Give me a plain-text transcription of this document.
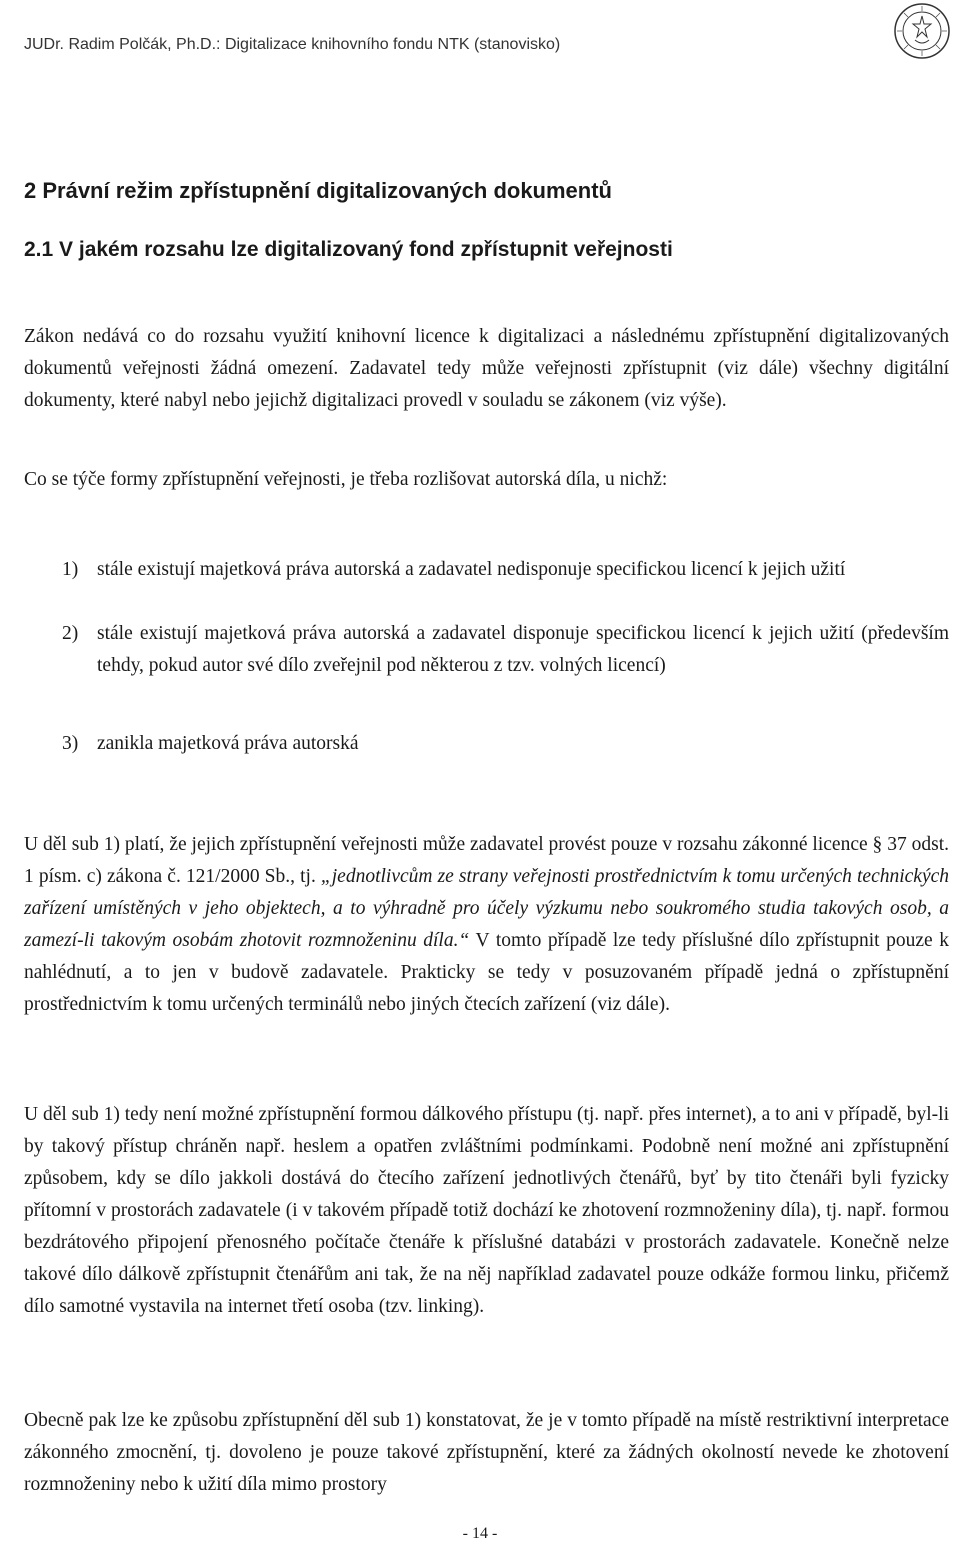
JUDr. Radim Polčák, Ph.D.: Digitalizace knihovního fondu NTK (stanovisko)
2 Právní režim zpřístupnění digitalizovaných dokumentů
2.1 V jakém rozsahu lze digitalizovaný fond zpřístupnit veřejnosti

Zákon nedává co do rozsahu využití knihovní licence k digitalizaci a následnému zpřístupnění digitalizovaných dokumentů veřejnosti žádná omezení. Zadavatel tedy může veřejnosti zpřístupnit (viz dále) všechny digitální dokumenty, které nabyl nebo jejichž digitalizaci provedl v souladu se zákonem (viz výše).

Co se týče formy zpřístupnění veřejnosti, je třeba rozlišovat autorská díla, u nichž:

1) stále existují majetková práva autorská a zadavatel nedisponuje specifickou licencí k jejich užití
2) stále existují majetková práva autorská a zadavatel disponuje specifickou licencí k jejich užití (především tehdy, pokud autor své dílo zveřejnil pod některou z tzv. volných licencí)
3) zanikla majetková práva autorská

U děl sub 1) platí, že jejich zpřístupnění veřejnosti může zadavatel provést pouze v rozsahu zákonné licence § 37 odst. 1 písm. c) zákona č. 121/2000 Sb., tj. „jednotlivcům ze strany veřejnosti prostřednictvím k tomu určených technických zařízení umístěných v jeho objektech, a to výhradně pro účely výzkumu nebo soukromého studia takových osob, a zamezí-li takovým osobám zhotovit rozmnoženinu díla.“ V tomto případě lze tedy příslušné dílo zpřístupnit pouze k nahlédnutí, a to jen v budově zadavatele. Prakticky se tedy v posuzovaném případě jedná o zpřístupnění prostřednictvím k tomu určených terminálů nebo jiných čtecích zařízení (viz dále).

U děl sub 1) tedy není možné zpřístupnění formou dálkového přístupu (tj. např. přes internet), a to ani v případě, byl-li by takový přístup chráněn např. heslem a opatřen zvláštními podmínkami. Podobně není možné ani zpřístupnění způsobem, kdy se dílo jakkoli dostává do čtecího zařízení jednotlivých čtenářů, byť by tito čtenáři byli fyzicky přítomní v prostorách zadavatele (i v takovém případě totiž dochází ke zhotovení rozmnoženiny díla), tj. např. formou bezdrátového připojení přenosného počítače čtenáře k příslušné databázi v prostorách zadavatele. Konečně nelze takové dílo dálkově zpřístupnit čtenářům ani tak, že na něj například zadavatel pouze odkáže formou linku, přičemž dílo samotné vystavila na internet třetí osoba (tzv. linking).

Obecně pak lze ke způsobu zpřístupnění děl sub 1) konstatovat, že je v tomto případě na místě restriktivní interpretace zákonného zmocnění, tj. dovoleno je pouze takové zpřístupnění, které za žádných okolností nevede ke zhotovení rozmnoženiny nebo k užití díla mimo prostory

- 14 -
